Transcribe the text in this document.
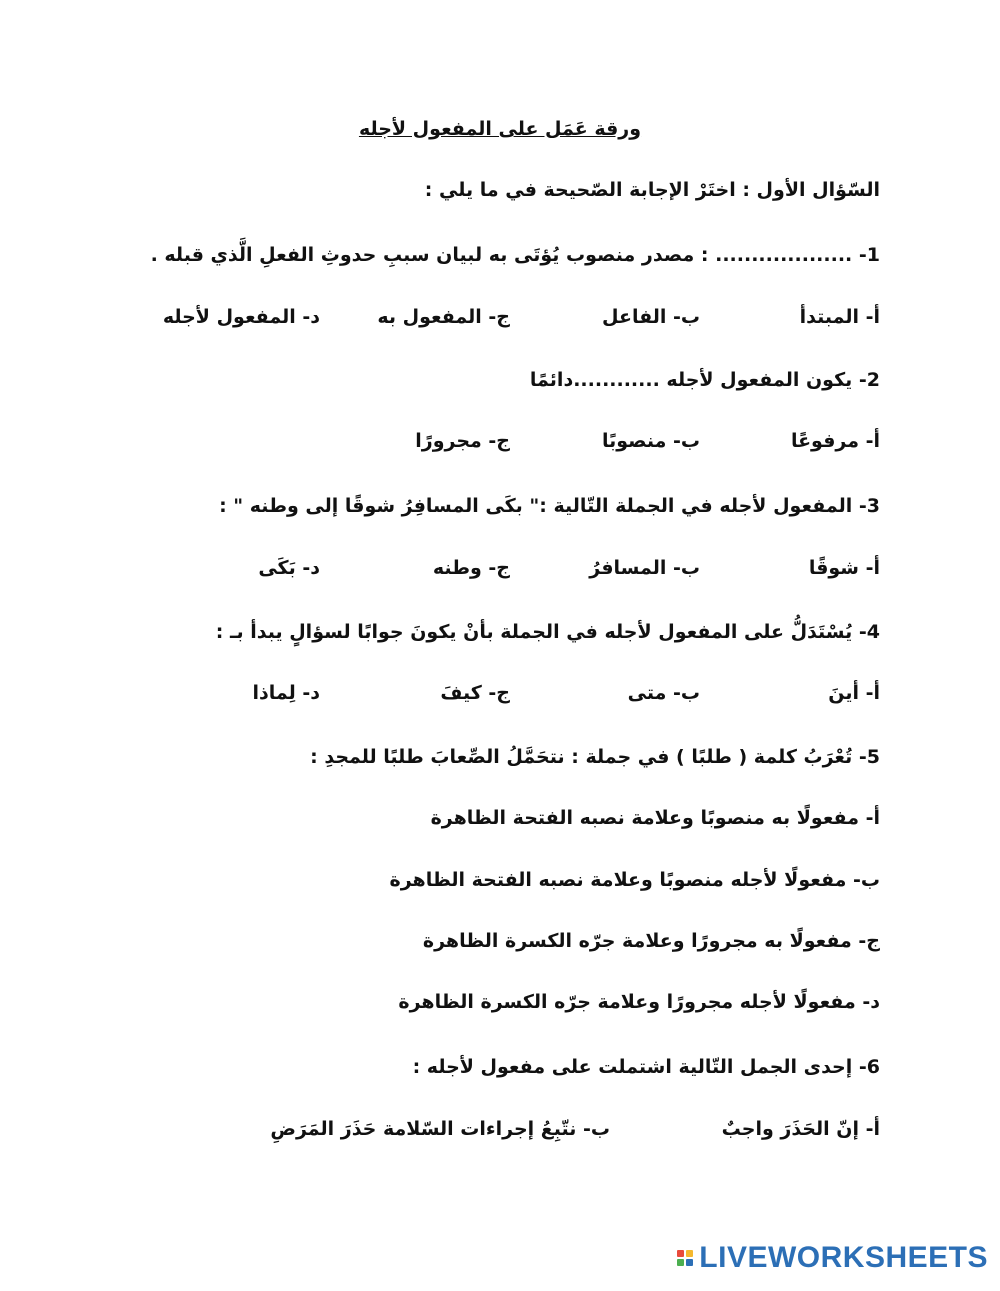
ورقة عَمَل على المفعول لأجله
السّؤال الأول : اختَرْ الإجابة الصّحيحة في ما يلي :
1- ................... : مصدر منصوب يُؤتَى به لبيان سببِ حدوثِ الفعلِ الَّذي قبله .
أ- المبتدأ
ب- الفاعل
ج- المفعول به
د- المفعول لأجله
2- يكون المفعول لأجله ............دائمًا
أ- مرفوعًا
ب- منصوبًا
ج- مجرورًا
3- المفعول لأجله في الجملة التّالية :" بكَى المسافِرُ شوقًا إلى وطنه " :
أ- شوقًا
ب- المسافرُ
ج- وطنه
د- بَكَى
4- يُسْتَدَلُّ على المفعول لأجله في الجملة بأنْ يكونَ جوابًا لسؤالٍ يبدأ بـ :
أ- أينَ
ب- متى
ج- كيفَ
د- لِماذا
5- تُعْرَبُ كلمة ( طلبًا ) في جملة : نتحَمَّلُ الصِّعابَ طلبًا للمجدِ :
أ- مفعولًا به منصوبًا وعلامة نصبه الفتحة الظاهرة
ب- مفعولًا لأجله منصوبًا وعلامة نصبه الفتحة الظاهرة
ج- مفعولًا به مجرورًا وعلامة جرّه الكسرة الظاهرة
د- مفعولًا لأجله مجرورًا وعلامة جرّه الكسرة الظاهرة
6- إحدى الجمل التّالية اشتملت على مفعول لأجله :
أ- إنّ الحَذَرَ واجبٌ
ب- نتّبِعُ إجراءات السّلامة حَذَرَ المَرَضِ
LIVEWORKSHEETS
